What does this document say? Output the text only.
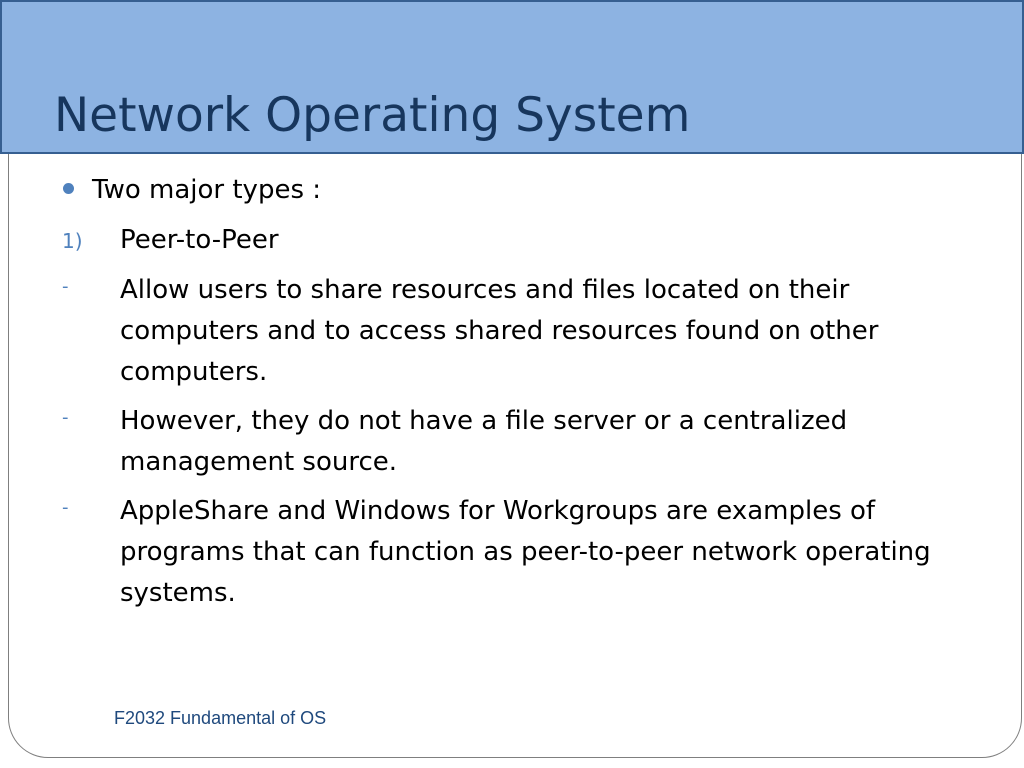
Network Operating System
Two major types :
1) Peer-to-Peer
- Allow users to share resources and files located on their computers and to access shared resources found on other computers.
- However, they do not have a file server or a centralized management source.
- AppleShare and Windows for Workgroups are examples of programs that can function as peer-to-peer network operating systems.
F2032 Fundamental of OS
